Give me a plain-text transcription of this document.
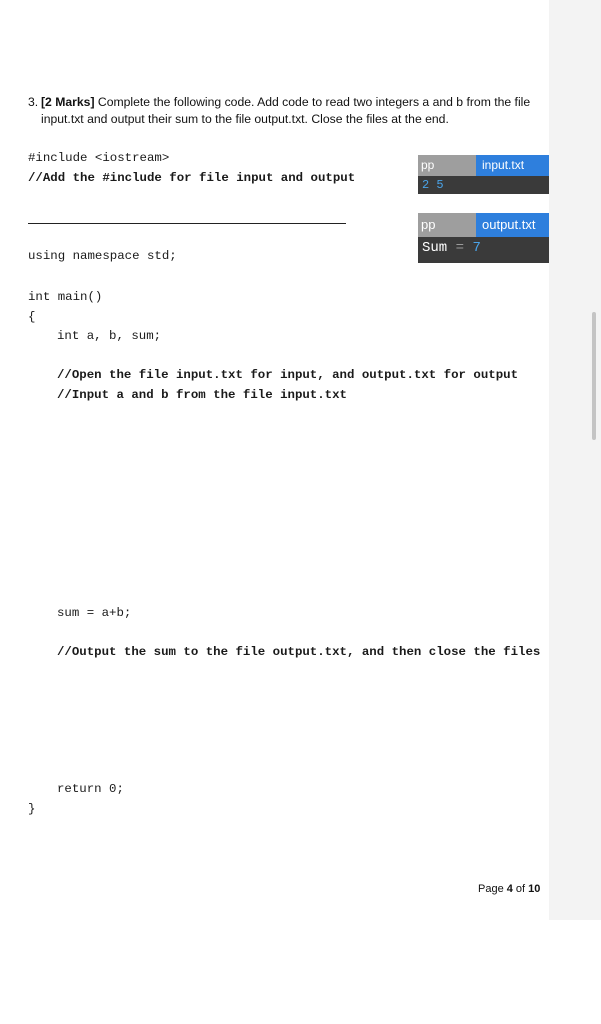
3. [2 Marks] Complete the following code. Add code to read two integers a and b from the file
input.txt and output their sum to the file output.txt. Close the files at the end.
#include <iostream>
//Add the #include for file input and output
using namespace std;
int main()
{
int a, b, sum;
//Open the file input.txt for input, and output.txt for output
//Input a and b from the file input.txt
sum = a+b;
//Output the sum to the file output.txt, and then close the files
return 0;
}
Page 4 of 10
pp	input.txt
2 5
pp	output.txt
Sum = 7
